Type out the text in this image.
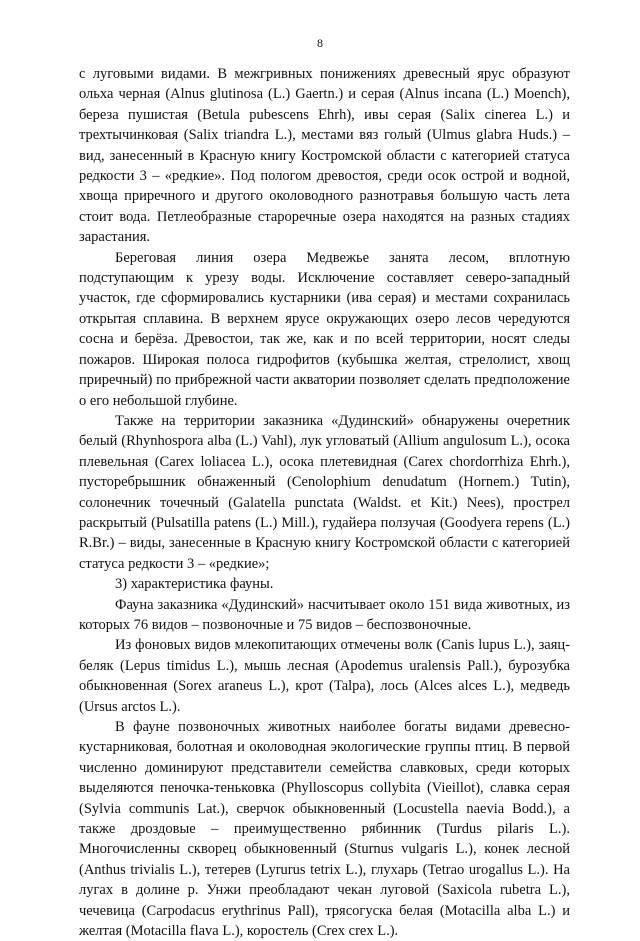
8

с луговыми видами. В межгривных понижениях древесный ярус образуют ольха черная (Alnus glutinosa (L.) Gaertn.) и серая (Alnus incana (L.) Moench), береза пушистая (Betula pubescens Ehrh), ивы серая (Salix cinerea L.) и трехтычинковая (Salix triandra L.), местами вяз голый (Ulmus glabra Huds.) – вид, занесенный в Красную книгу Костромской области с категорией статуса редкости 3 – «редкие». Под пологом древостоя, среди осок острой и водной, хвоща приречного и другого околоводного разнотравья большую часть лета стоит вода. Петлеобразные староречные озера находятся на разных стадиях зарастания.

Береговая линия озера Медвежье занята лесом, вплотную подступающим к урезу воды. Исключение составляет северо-западный участок, где сформировались кустарники (ива серая) и местами сохранилась открытая сплавина. В верхнем ярусе окружающих озеро лесов чередуются сосна и берёза. Древостои, так же, как и по всей территории, носят следы пожаров. Широкая полоса гидрофитов (кубышка желтая, стрелолист, хвощ приречный) по прибрежной части акватории позволяет сделать предположение о его небольшой глубине.

Также на территории заказника «Дудинский» обнаружены очеретник белый (Rhynhospora alba (L.) Vahl), лук угловатый (Allium angulosum L.), осока плевельная (Carex loliacea L.), осока плетевидная (Carex chordorrhiza Ehrh.), пусторебрышник обнаженный (Cenolophium denudatum (Hornem.) Tutin), солонечник точечный (Galatella punctata (Waldst. et Kit.) Nees), прострел раскрытый (Pulsatilla patens (L.) Mill.), гудайера ползучая (Goodyera repens (L.) R.Br.) – виды, занесенные в Красную книгу Костромской области с категорией статуса редкости 3 – «редкие»;

3) характеристика фауны.

Фауна заказника «Дудинский» насчитывает около 151 вида животных, из которых 76 видов – позвоночные и 75 видов – беспозвоночные.

Из фоновых видов млекопитающих отмечены волк (Canis lupus L.), заяц-беляк (Lepus timidus L.), мышь лесная (Apodemus uralensis Pall.), бурозубка обыкновенная (Sorex araneus L.), крот (Talpa), лось (Alces alces L.), медведь (Ursus arctos L.).

В фауне позвоночных животных наиболее богаты видами древесно-кустарниковая, болотная и околоводная экологические группы птиц. В первой численно доминируют представители семейства славковых, среди которых выделяются пеночка-теньковка (Phylloscopus collybita (Vieillot), славка серая (Sylvia communis Lat.), сверчок обыкновенный (Locustella naevia Bodd.), а также дроздовые – преимущественно рябинник (Turdus pilaris L.). Многочисленны скворец обыкновенный (Sturnus vulgaris L.), конек лесной (Anthus trivialis L.), тетерев (Lyrurus tetrix L.), глухарь (Tetrao urogallus L.). На лугах в долине р. Унжи преобладают чекан луговой (Saxicola rubetra L.), чечевица (Carpodacus erythrinus Pall), трясогуска белая (Motacilla alba L.) и желтая (Motacilla flava L.), коростель (Crex crex L.).
